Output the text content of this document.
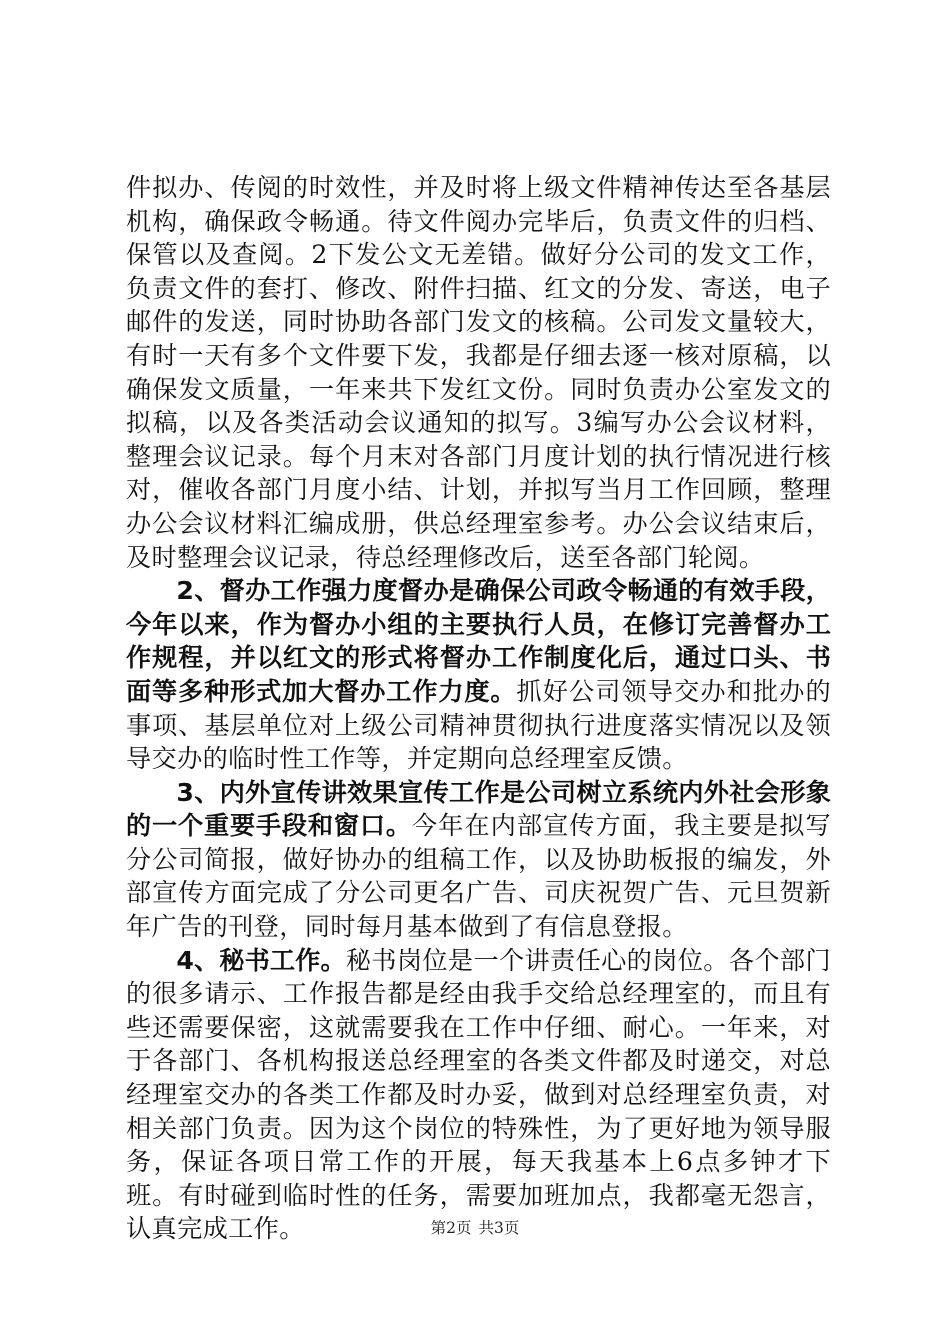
件拟办、传阅的时效性，并及时将上级文件精神传达至各基层机构，确保政令畅通。待文件阅办完毕后，负责文件的归档、保管以及查阅。2下发公文无差错。做好分公司的发文工作，负责文件的套打、修改、附件扫描、红文的分发、寄送，电子邮件的发送，同时协助各部门发文的核稿。公司发文量较大，有时一天有多个文件要下发，我都是仔细去逐一核对原稿，以确保发文质量，一年来共下发红文份。同时负责办公室发文的拟稿，以及各类活动会议通知的拟写。3编写办公会议材料，整理会议记录。每个月末对各部门月度计划的执行情况进行核对，催收各部门月度小结、计划，并拟写当月工作回顾，整理办公会议材料汇编成册，供总经理室参考。办公会议结束后，及时整理会议记录，待总经理修改后，送至各部门轮阅。

2、督办工作强力度督办是确保公司政令畅通的有效手段，今年以来，作为督办小组的主要执行人员，在修订完善督办工作规程，并以红文的形式将督办工作制度化后，通过口头、书面等多种形式加大督办工作力度。抓好公司领导交办和批办的事项、基层单位对上级公司精神贯彻执行进度落实情况以及领导交办的临时性工作等，并定期向总经理室反馈。

3、内外宣传讲效果宣传工作是公司树立系统内外社会形象的一个重要手段和窗口。今年在内部宣传方面，我主要是拟写分公司简报，做好协办的组稿工作，以及协助板报的编发，外部宣传方面完成了分公司更名广告、司庆祝贺广告、元旦贺新年广告的刊登，同时每月基本做到了有信息登报。

4、秘书工作。秘书岗位是一个讲责任心的岗位。各个部门的很多请示、工作报告都是经由我手交给总经理室的，而且有些还需要保密，这就需要我在工作中仔细、耐心。一年来，对于各部门、各机构报送总经理室的各类文件都及时递交，对总经理室交办的各类工作都及时办妥，做到对总经理室负责，对相关部门负责。因为这个岗位的特殊性，为了更好地为领导服务，保证各项日常工作的开展，每天我基本上6点多钟才下班。有时碰到临时性的任务，需要加班加点，我都毫无怨言，认真完成工作。	第2页 共3页
